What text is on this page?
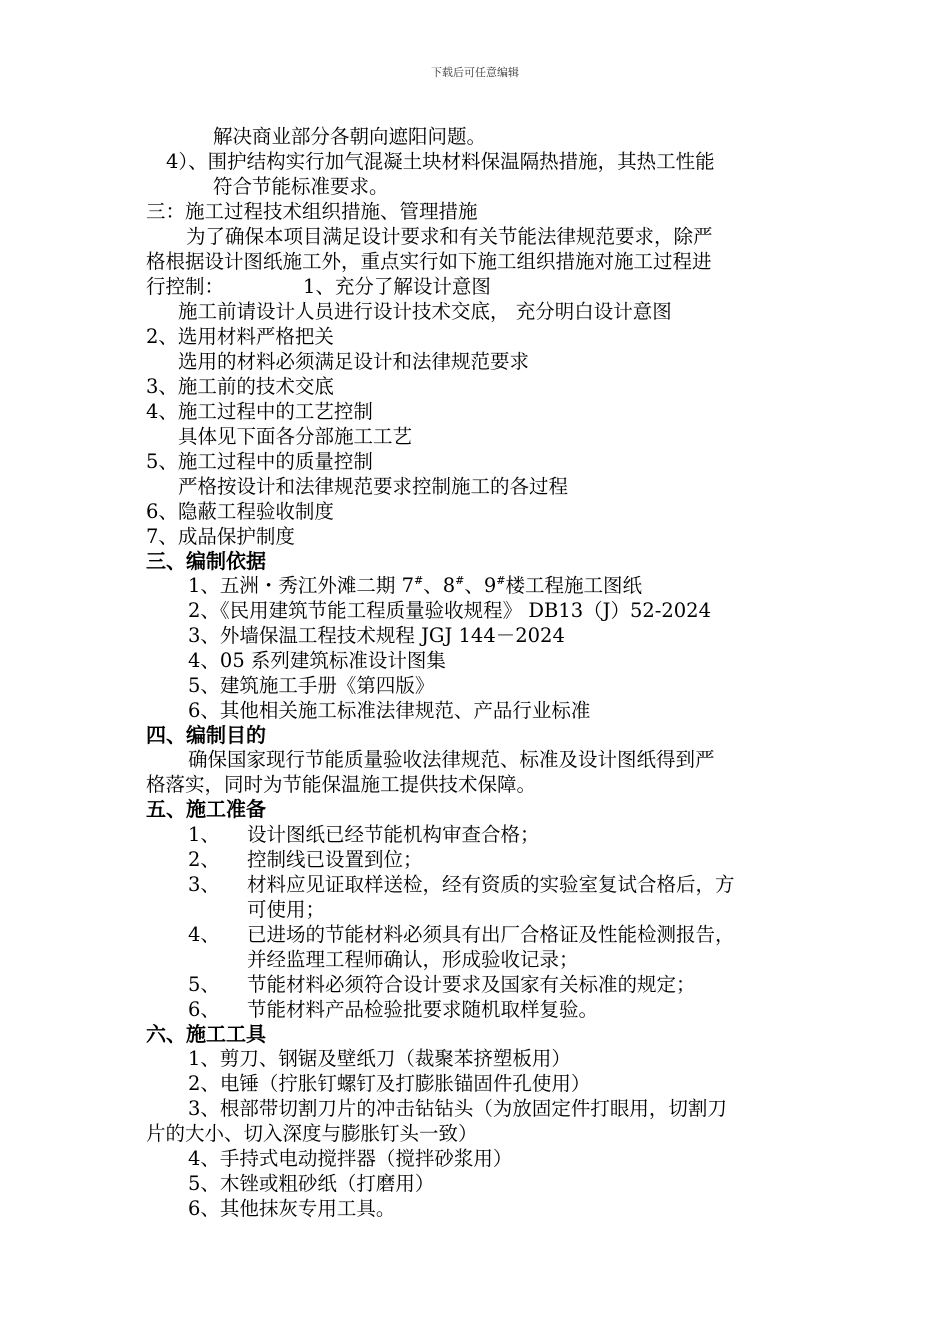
下载后可任意编辑
解决商业部分各朝向遮阳问题。
4）、围护结构实行加气混凝土块材料保温隔热措施，其热工性能
符合节能标准要求。
三：施工过程技术组织措施、管理措施
为了确保本项目满足设计要求和有关节能法律规范要求，除严
格根据设计图纸施工外，重点实行如下施工组织措施对施工过程进
行控制：	1、充分了解设计意图
施工前请设计人员进行设计技术交底， 充分明白设计意图
2、选用材料严格把关
选用的材料必须满足设计和法律规范要求
3、施工前的技术交底
4、施工过程中的工艺控制
具体见下面各分部施工工艺
5、施工过程中的质量控制
严格按设计和法律规范要求控制施工的各过程
6、隐蔽工程验收制度
7、成品保护制度
三、编制依据
1、五洲・秀江外滩二期 7#、8#、9#楼工程施工图纸
2、《民用建筑节能工程质量验收规程》 DB13（J）52-2024
3、外墙保温工程技术规程 JGJ 144－2024
4、05 系列建筑标准设计图集
5、建筑施工手册《第四版》
6、其他相关施工标准法律规范、产品行业标准
四、编制目的
确保国家现行节能质量验收法律规范、标准及设计图纸得到严
格落实，同时为节能保温施工提供技术保障。
五、施工准备
1、 设计图纸已经节能机构审查合格；
2、 控制线已设置到位；
3、 材料应见证取样送检，经有资质的实验室复试合格后，方
可使用；
4、 已进场的节能材料必须具有出厂合格证及性能检测报告，
并经监理工程师确认，形成验收记录；
5、 节能材料必须符合设计要求及国家有关标准的规定；
6、 节能材料产品检验批要求随机取样复验。
六、施工工具
1、剪刀、钢锯及壁纸刀（裁聚苯挤塑板用）
2、电锤（拧胀钉螺钉及打膨胀锚固件孔使用）
3、根部带切割刀片的冲击钻钻头（为放固定件打眼用，切割刀
片的大小、切入深度与膨胀钉头一致）
4、手持式电动搅拌器（搅拌砂浆用）
5、木锉或粗砂纸（打磨用）
6、其他抹灰专用工具。
